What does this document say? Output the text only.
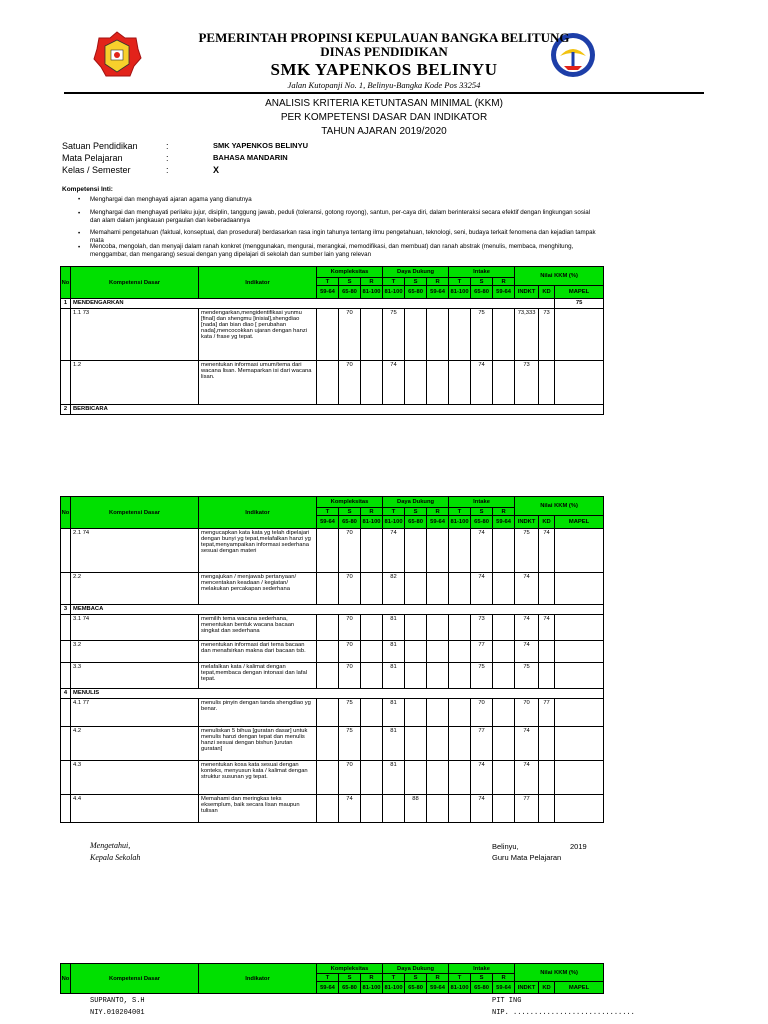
PEMERINTAH PROPINSI KEPULAUAN BANGKA BELITUNG
DINAS PENDIDIKAN
SMK YAPENKOS BELINYU
Jalan Kutopanji No. 1, Belinyu-Bangka Kode Pos 33254
ANALISIS KRITERIA KETUNTASAN MINIMAL (KKM)
PER KOMPETENSI DASAR DAN INDIKATOR
TAHUN AJARAN 2019/2020
Satuan Pendidikan	:	SMK YAPENKOS BELINYU
Mata Pelajaran	:	BAHASA MANDARIN
Kelas / Semester	:	X
Kompetensi Inti:
• Menghargai dan menghayati ajaran agama yang dianutnya
• Menghargai dan menghayati perilaku jujur, disiplin, tanggung jawab, peduli (toleransi, gotong royong), santun, per-caya diri, dalam berinteraksi secara efektif dengan lingkungan sosial dan alam dalam jangkauan pergaulan dan keberadaannya
• Memahami pengetahuan (faktual, konseptual, dan prosedural) berdasarkan rasa ingin tahunya tentang ilmu pengetahuan, teknologi, seni, budaya terkait fenomena dan kejadian tampak mata
• Mencoba, mengolah, dan menyaji dalam ranah konkret (menggunakan, mengurai, merangkai, memodifikasi, dan membuat) dan ranah abstrak (menulis, membaca, menghitung, menggambar, dan mengarang) sesuai dengan yang dipelajari di sekolah dan sumber lain yang relevan
No	Kompetensi Dasar	Indikator	Kompleksitas			Daya Dukung			Intake			Nilai KKM (%)		
			T	S	R	T	S	R	T	S	R			
			59-64	65-80	81-100	81-100	65-80	59-64	81-100	65-80	59-64	INDKT	KD	MAPEL
1	MENDENGARKAN													75
	1.1 73	mendengarkan,mengidentifikasi yunmu [final] dan shengmu [inisial],shengdiao [nada] dan bian diao [ perubahan nada],mencocokkan ujaran dengan hanzi kata / frase yg tepat.		70		75				75		73,333	73	
	1.2	menentukan informasi umum/tema dari wacana lisan. Memaparkan isi dari wacana lisan.		70		74				74		73		
2	BERBICARA													
No	Kompetensi Dasar	Indikator	Kompleksitas			Daya Dukung			Intake			Nilai KKM (%)		
			T	S	R	T	S	R	T	S	R			
			59-64	65-80	81-100	81-100	65-80	59-64	81-100	65-80	59-64	INDKT	KD	MAPEL
	2.1 74	mengucapkan kata kata yg telah dipelajari dengan bunyi yg tepat,melafalkan hanzi yg tepat,menyampaikan informasi sederhana sesuai dengan materi		70		74				74		75	74	
	2.2	mengajukan / menjawab pertanyaan/ mencentakan keadaan / kegiatan/ melakukan percakapan sederhana		70		82				74		74		
3	MEMBACA													
	3.1 74	memilih tema wacana sederhana, menentukan bentuk wacana bacaan singkat dan sederhana		70		81				73		74	74	
	3.2	menentukan informasi dari tema bacaan dan menafsirkan makna dari bacaan tsb.		70		81				77		74		
	3.3	melafalkan kata / kalimat dengan tepat,membaca dengan intonasi dan lafal tepat.		70		81				75		75		
4	MENULIS													
	4.1 77	menulis pinyin dengan tanda shengdiao yg benar.		75		81				70		70	77	
	4.2	menuliskan 5 bihua [guratan dasar] untuk menulis hanzi dengan tepat dan menulis hanzi sesuai dengan bishun [urutan guratan]		75		81				77		74		
	4.3	menentukan kosa kata sesuai dengan konteks, menyusun kata / kalimat dengan struktur susunan yg tepat.		70		81				74		74		
	4.4	Memahami dan meringkas teks eksemplum, baik secara lisan maupun tulisan		74			88			74		77		
Mengetahui,
Kepala Sekolah
Belinyu,	2019
Guru Mata Pelajaran
No	Kompetensi Dasar	Indikator	Kompleksitas			Daya Dukung			Intake			Nilai KKM (%)		
			T	S	R	T	S	R	T	S	R			
			59-64	65-80	81-100	81-100	65-80	59-64	81-100	65-80	59-64	INDKT	KD	MAPEL
SUPRANTO, S.H
NIY.010204001
PIT ING
NIP. .............................
